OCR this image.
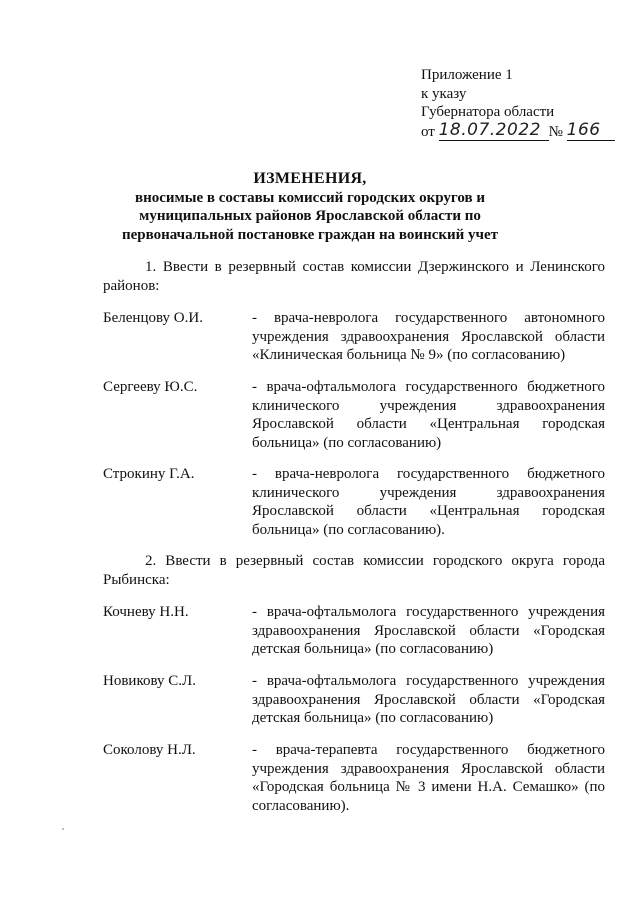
Приложение 1
к указу
Губернатора области
от 18.07.2022 № 166
ИЗМЕНЕНИЯ,
вносимые в составы комиссий городских округов и муниципальных районов Ярославской области по первоначальной постановке граждан на воинский учет
1. Ввести в резервный состав комиссии Дзержинского и Ленинского районов:
Беленцову О.И.	- врача-невролога государственного автономного учреждения здравоохранения Ярославской области «Клиническая больница № 9» (по согласованию)
Сергееву Ю.С.	- врача-офтальмолога государственного бюджетного клинического учреждения здравоохранения Ярославской области «Центральная городская больница» (по согласованию)
Строкину Г.А.	- врача-невролога государственного бюджетного клинического учреждения здравоохранения Ярославской области «Центральная городская больница» (по согласованию).
2. Ввести в резервный состав комиссии городского округа города Рыбинска:
Кочневу Н.Н.	- врача-офтальмолога государственного учреждения здравоохранения Ярославской области «Городская детская больница» (по согласованию)
Новикову С.Л.	- врача-офтальмолога государственного учреждения здравоохранения Ярославской области «Городская детская больница» (по согласованию)
Соколову Н.Л.	- врача-терапевта государственного бюджетного учреждения здравоохранения Ярославской области «Городская больница № 3 имени Н.А. Семашко» (по согласованию).
